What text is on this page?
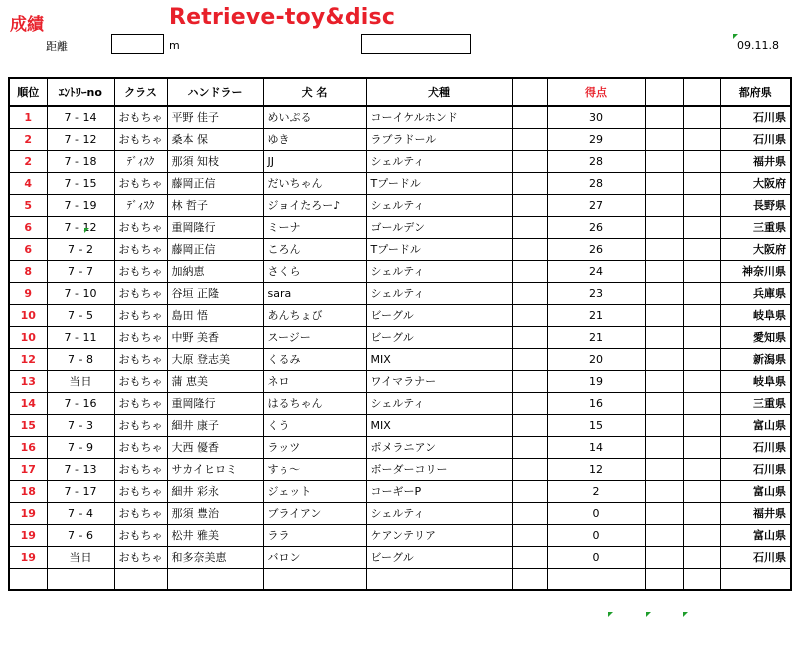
成績	Retrieve-toy&disc
距離	m	09.11.8
順位	ｴﾝﾄﾘｰno	クラス	ハンドラー	犬 名	犬種		得点			都府県
1	7 - 14	おもちゃ	平野 佳子	めいぷる	コーイケルホンド		30			石川県
2	7 - 12	おもちゃ	桑本 保	ゆき	ラブラドール		29			石川県
2	7 - 18	ﾃﾞｨｽｸ	那須 知枝	JJ	シェルティ		28			福井県
4	7 - 15	おもちゃ	藤岡正信	だいちゃん	Tプードル		28			大阪府
5	7 - 19	ﾃﾞｨｽｸ	林 哲子	ジョイたろー♪	シェルティ		27			長野県
6	7 - 12	おもちゃ	重岡隆行	ミーナ	ゴールデン		26			三重県
6	7 - 2	おもちゃ	藤岡正信	ころん	Tプードル		26			大阪府
8	7 - 7	おもちゃ	加納恵	さくら	シェルティ		24			神奈川県
9	7 - 10	おもちゃ	谷垣 正隆	sara	シェルティ		23			兵庫県
10	7 - 5	おもちゃ	島田 悟	あんちょび	ビーグル		21			岐阜県
10	7 - 11	おもちゃ	中野 美香	スージー	ビーグル		21			愛知県
12	7 - 8	おもちゃ	大原 登志美	くるみ	MIX		20			新潟県
13	当日	おもちゃ	蒲 恵美	ネロ	ワイマラナー		19			岐阜県
14	7 - 16	おもちゃ	重岡隆行	はるちゃん	シェルティ		16			三重県
15	7 - 3	おもちゃ	細井 康子	くう	MIX		15			富山県
16	7 - 9	おもちゃ	大西 優香	ラッツ	ポメラニアン		14			石川県
17	7 - 13	おもちゃ	サカイヒロミ	すぅ～	ボーダーコリー		12			石川県
18	7 - 17	おもちゃ	細井 彩永	ジェット	コーギーP		2			富山県
19	7 - 4	おもちゃ	那須 豊治	ブライアン	シェルティ		0			福井県
19	7 - 6	おもちゃ	松井 雅美	ララ	ケアンテリア		0			富山県
19	当日	おもちゃ	和多奈美恵	バロン	ビーグル		0			石川県
